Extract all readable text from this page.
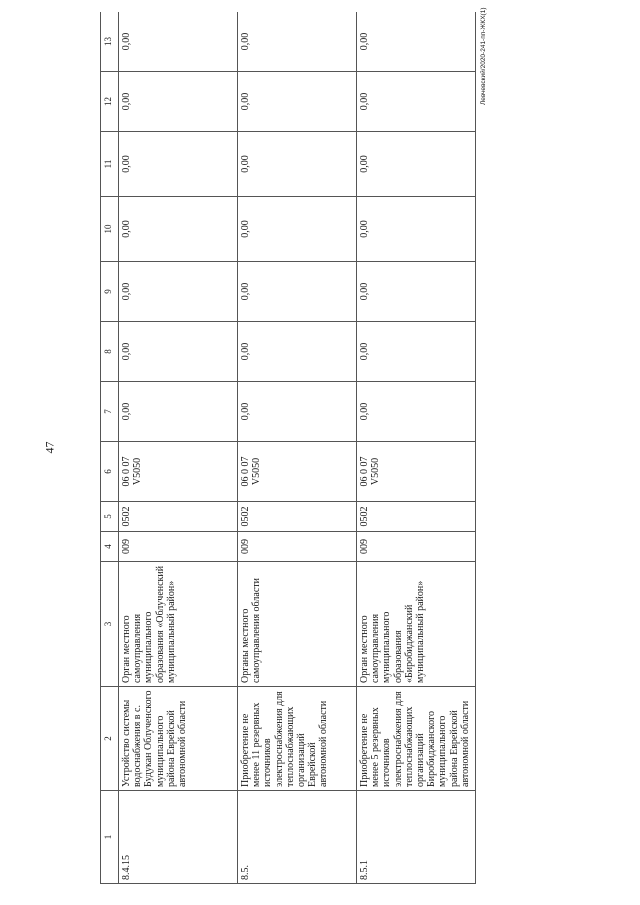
47
Левчевский/2020-241-пп-ЖКХ(1)
1	2	3	4	5	6	7	8	9	10	11	12	13
8.4.15	Устройство системы водоснабжения в с. Будукан Облученского муниципального района Еврейской автономной области	Орган местного самоуправления муниципального образования «Облученский муниципальный район»	009	0502	06 0 07 V5050	0,00	0,00	0,00	0,00	0,00	0,00	0,00
8.5.	Приобретение не менее 11 резервных источников электроснабжения для теплоснабжающих организаций Еврейской автономной области	Органы местного самоуправления области	009	0502	06 0 07 V5050	0,00	0,00	0,00	0,00	0,00	0,00	0,00
8.5.1	Приобретение не менее 5 резервных источников электроснабжения для теплоснабжающих организаций Биробиджанского муниципального района Еврейской автономной области	Орган местного самоуправления муниципального образования «Биробиджанский муниципальный район»	009	0502	06 0 07 V5050	0,00	0,00	0,00	0,00	0,00	0,00	0,00
